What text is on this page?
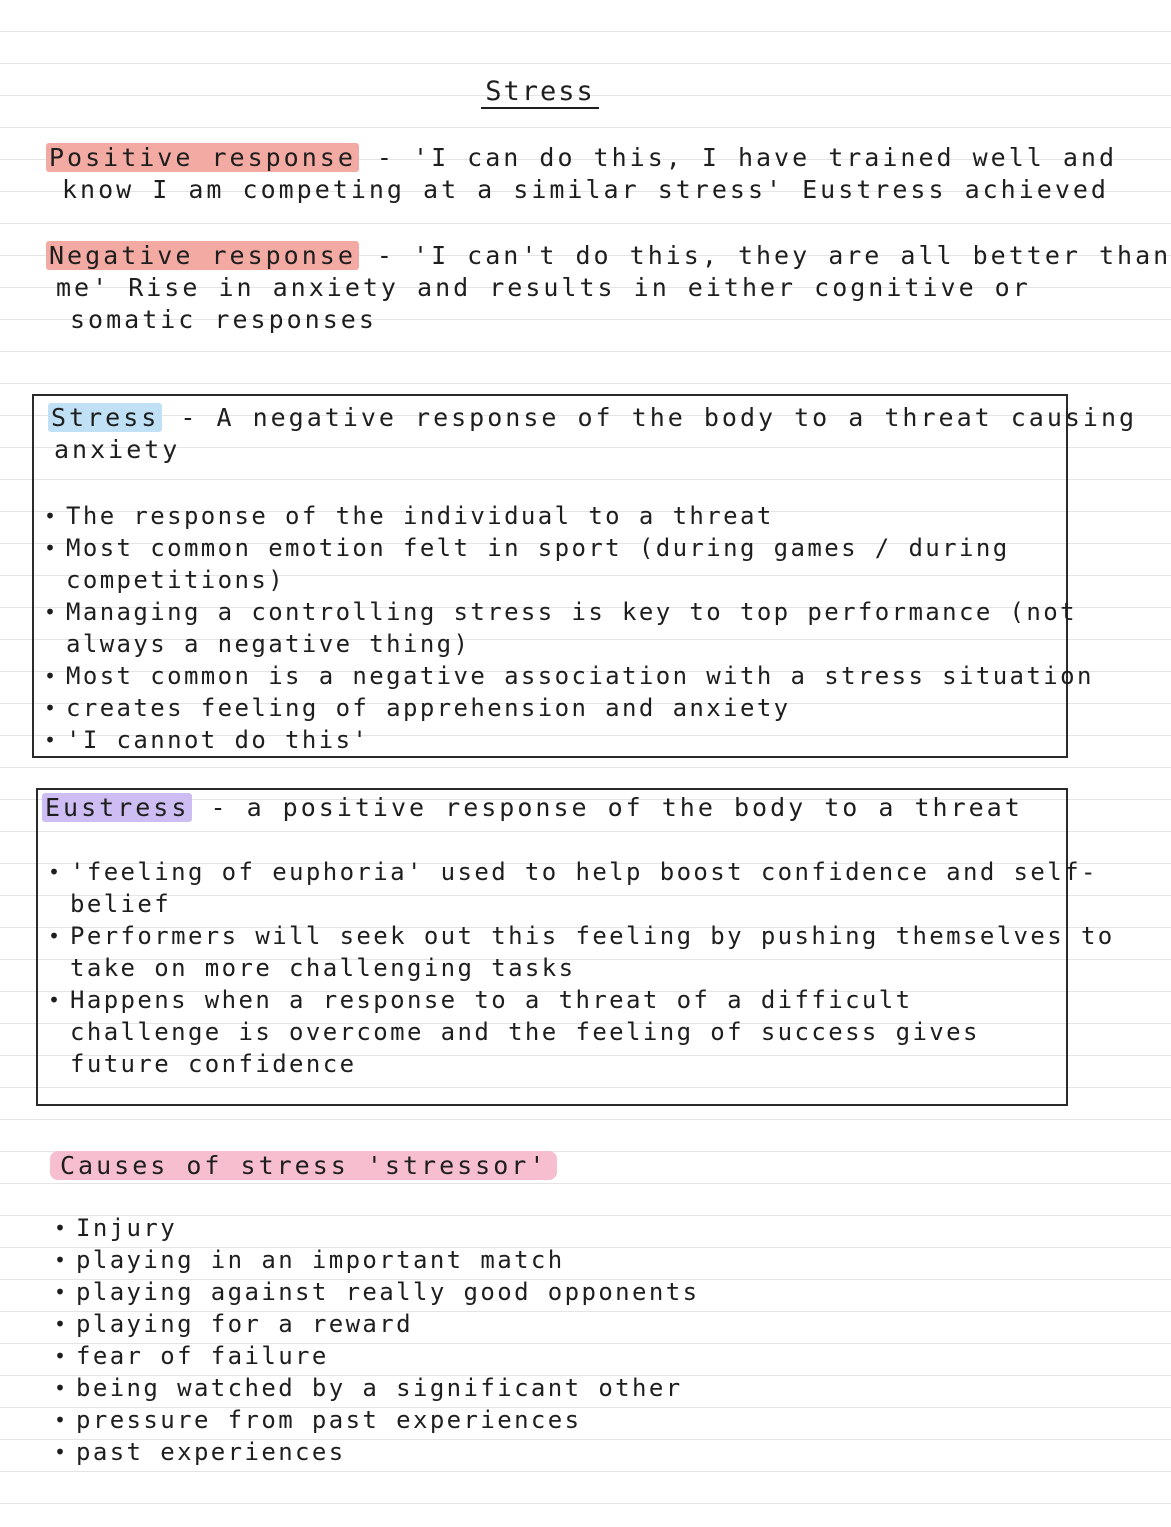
Stress
Positive response - 'I can do this, I have trained well and
know I am competing at a similar stress' Eustress achieved
Negative response - 'I can't do this, they are all better than
me' Rise in anxiety and results in either cognitive or
somatic responses
Stress - A negative response of the body to a threat causing
anxiety
• The response of the individual to a threat
• Most common emotion felt in sport (during games / during
competitions)
• Managing a controlling stress is key to top performance (not
always a negative thing)
• Most common is a negative association with a stress situation
• creates feeling of apprehension and anxiety
• 'I cannot do this'
Eustress - a positive response of the body to a threat
• 'feeling of euphoria' used to help boost confidence and self-
belief
• Performers will seek out this feeling by pushing themselves to
take on more challenging tasks
• Happens when a response to a threat of a difficult
challenge is overcome and the feeling of success gives
future confidence
Causes of stress 'stressor'
• Injury
• playing in an important match
• playing against really good opponents
• playing for a reward
• fear of failure
• being watched by a significant other
• pressure from past experiences
• past experiences
